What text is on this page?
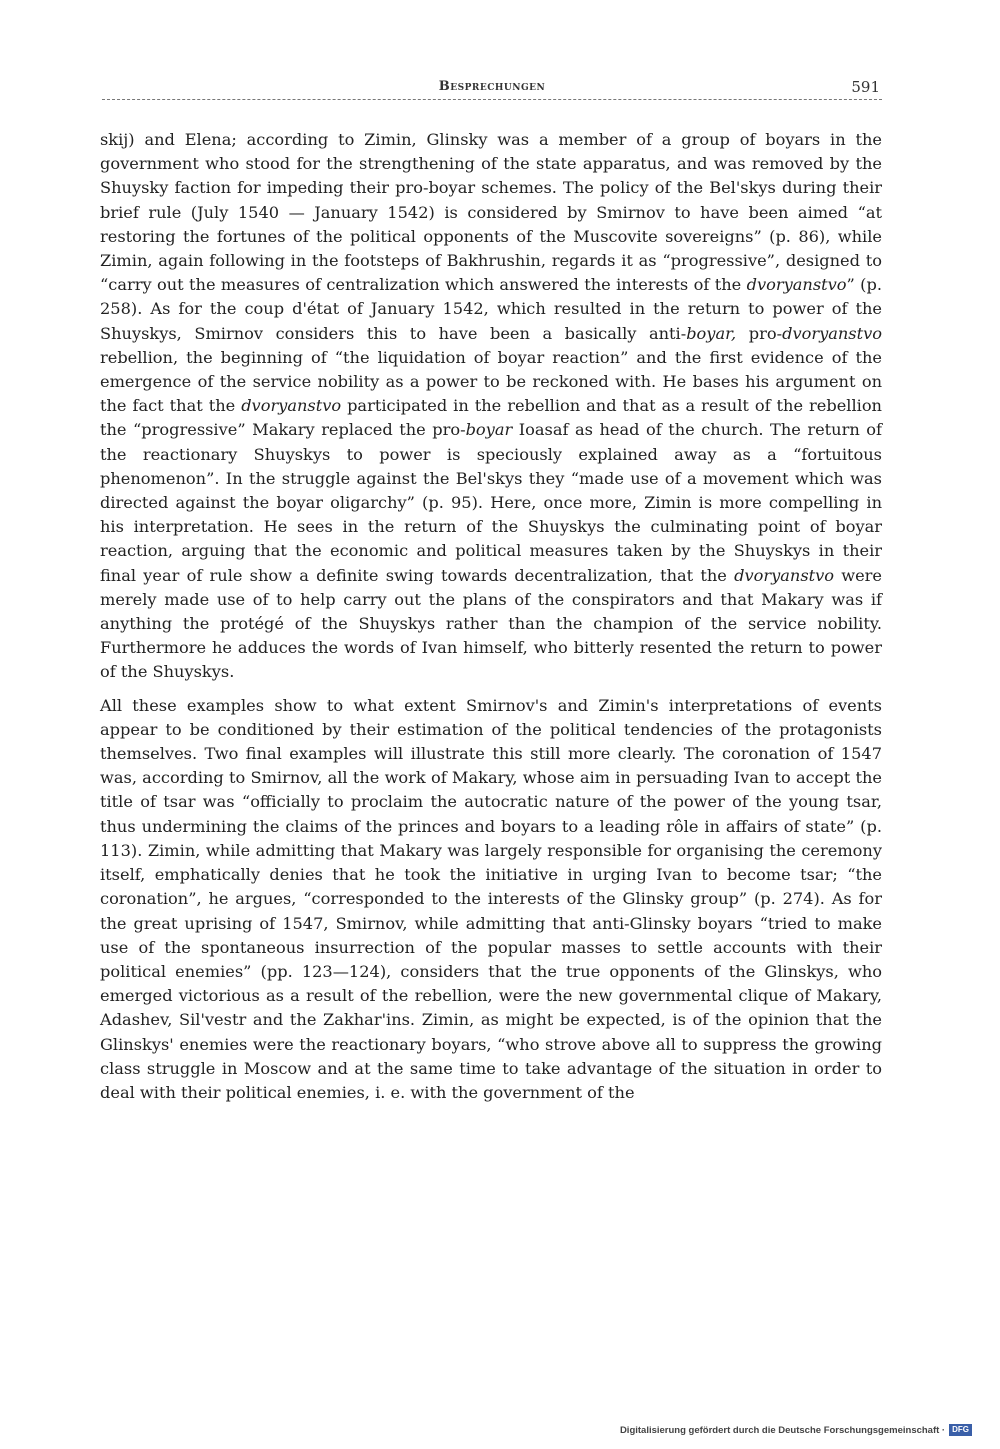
Besprechungen	591

skij) and Elena; according to Zimin, Glinsky was a member of a group of boyars in the government who stood for the strengthening of the state apparatus, and was removed by the Shuysky faction for impeding their pro-boyar schemes. The policy of the Bel'skys during their brief rule (July 1540 — January 1542) is considered by Smirnov to have been aimed “at restoring the fortunes of the political opponents of the Muscovite sovereigns” (p. 86), while Zimin, again following in the footsteps of Bakhrushin, regards it as “progressive”, designed to “carry out the measures of centralization which answered the interests of the dvoryanstvo” (p. 258). As for the coup d'état of January 1542, which resulted in the return to power of the Shuyskys, Smirnov considers this to have been a basically anti-boyar, pro-dvoryanstvo rebellion, the beginning of “the liquidation of boyar reaction” and the first evidence of the emergence of the service nobility as a power to be reckoned with. He bases his argument on the fact that the dvoryanstvo participated in the rebellion and that as a result of the rebellion the “progressive” Makary replaced the pro-boyar Ioasaf as head of the church. The return of the reactionary Shuyskys to power is speciously explained away as a “fortuitous phenomenon”. In the struggle against the Bel'skys they “made use of a movement which was directed against the boyar oligarchy” (p. 95). Here, once more, Zimin is more compelling in his interpretation. He sees in the return of the Shuyskys the culminating point of boyar reaction, arguing that the economic and political measures taken by the Shuyskys in their final year of rule show a definite swing towards decentralization, that the dvoryanstvo were merely made use of to help carry out the plans of the conspirators and that Makary was if anything the protégé of the Shuyskys rather than the champion of the service nobility. Furthermore he adduces the words of Ivan himself, who bitterly resented the return to power of the Shuyskys.

All these examples show to what extent Smirnov's and Zimin's interpretations of events appear to be conditioned by their estimation of the political tendencies of the protagonists themselves. Two final examples will illustrate this still more clearly. The coronation of 1547 was, according to Smirnov, all the work of Makary, whose aim in persuading Ivan to accept the title of tsar was “officially to proclaim the autocratic nature of the power of the young tsar, thus undermining the claims of the princes and boyars to a leading rôle in affairs of state” (p. 113). Zimin, while admitting that Makary was largely responsible for organising the ceremony itself, emphatically denies that he took the initiative in urging Ivan to become tsar; “the coronation”, he argues, “corresponded to the interests of the Glinsky group” (p. 274). As for the great uprising of 1547, Smirnov, while admitting that anti-Glinsky boyars “tried to make use of the spontaneous insurrection of the popular masses to settle accounts with their political enemies” (pp. 123—124), considers that the true opponents of the Glinskys, who emerged victorious as a result of the rebellion, were the new governmental clique of Makary, Adashev, Sil'vestr and the Zakhar'ins. Zimin, as might be expected, is of the opinion that the Glinskys' enemies were the reactionary boyars, “who strove above all to suppress the growing class struggle in Moscow and at the same time to take advantage of the situation in order to deal with their political enemies, i. e. with the government of the

Digitalisierung gefördert durch die Deutsche Forschungsgemeinschaft · DFG
